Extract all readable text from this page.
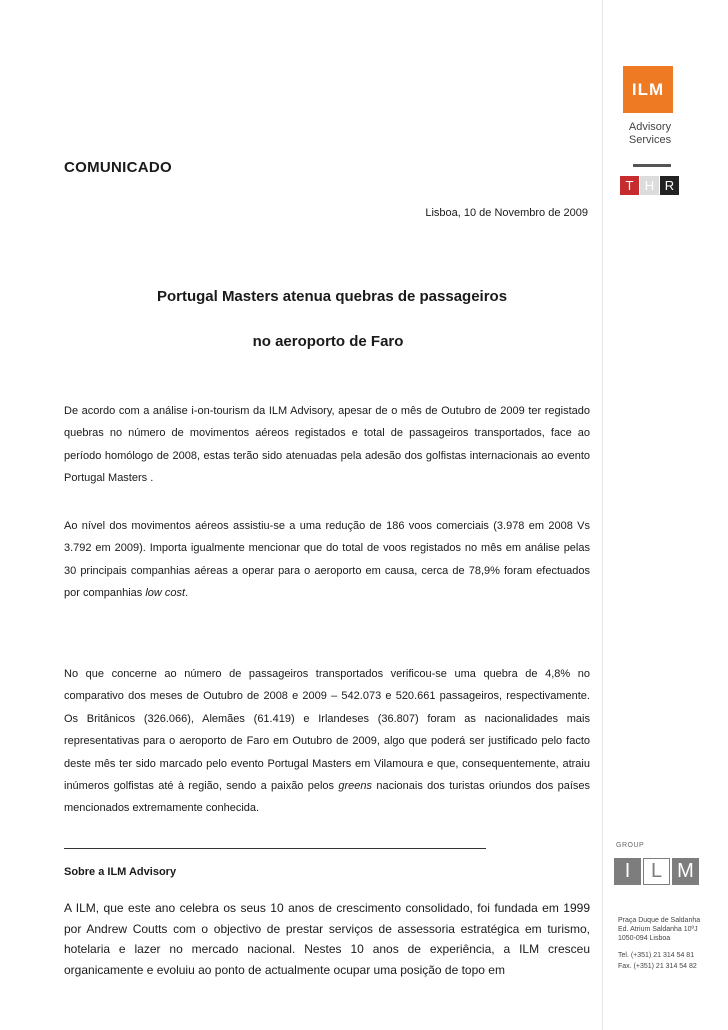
ILM
Advisory
Services
T H R
GROUP
I	L M
Praça Duque de Saldanha
Ed. Atrium Saldanha 10ºJ
1050-094 Lisboa
Tel. (+351) 21 314 54 81
Fax. (+351) 21 314 54 82
COMUNICADO
Lisboa, 10 de Novembro de 2009
Portugal Masters atenua quebras de passageiros
no aeroporto de Faro

De acordo com a análise i-on-tourism da ILM Advisory, apesar de o mês de Outubro de 2009 ter registado quebras no número de movimentos aéreos registados e total de passageiros transportados, face ao período homólogo de 2008, estas terão sido atenuadas pela adesão dos golfistas internacionais ao evento Portugal Masters .

Ao nível dos movimentos aéreos assistiu-se a uma redução de 186 voos comerciais (3.978 em 2008 Vs 3.792 em 2009). Importa igualmente mencionar que do total de voos registados no mês em análise pelas 30 principais companhias aéreas a operar para o aeroporto em causa, cerca de 78,9% foram efectuados por companhias low cost.

No que concerne ao número de passageiros transportados verificou-se uma quebra de 4,8% no comparativo dos meses de Outubro de 2008 e 2009 – 542.073 e 520.661 passageiros, respectivamente. Os Britânicos (326.066), Alemães (61.419) e Irlandeses (36.807) foram as nacionalidades mais representativas para o aeroporto de Faro em Outubro de 2009, algo que poderá ser justificado pelo facto deste mês ter sido marcado pelo evento Portugal Masters em Vilamoura e que, consequentemente, atraiu inúmeros golfistas até à região, sendo a paixão pelos greens nacionais dos turistas oriundos dos países mencionados extremamente conhecida.

Sobre a ILM Advisory

A ILM, que este ano celebra os seus 10 anos de crescimento consolidado, foi fundada em 1999 por Andrew Coutts com o objectivo de prestar serviços de assessoria estratégica em turismo, hotelaria e lazer no mercado nacional. Nestes 10 anos de experiência, a ILM cresceu organicamente e evoluiu ao ponto de actualmente ocupar uma posição de topo em
